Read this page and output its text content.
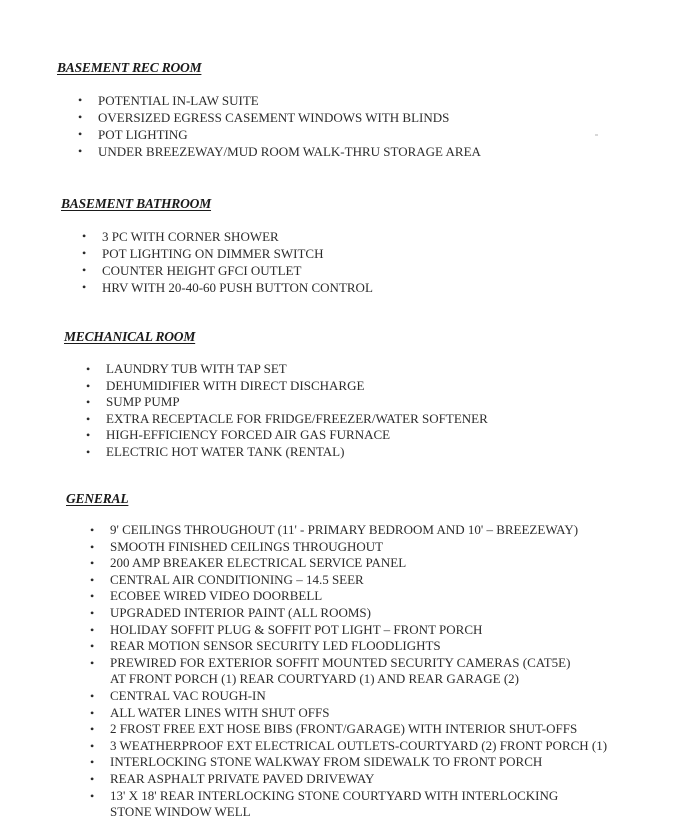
BASEMENT REC ROOM
• POTENTIAL IN-LAW SUITE
• OVERSIZED EGRESS CASEMENT WINDOWS WITH BLINDS
• POT LIGHTING
• UNDER BREEZEWAY/MUD ROOM WALK-THRU STORAGE AREA
BASEMENT BATHROOM
• 3 PC WITH CORNER SHOWER
• POT LIGHTING ON DIMMER SWITCH
• COUNTER HEIGHT GFCI OUTLET
• HRV WITH 20-40-60 PUSH BUTTON CONTROL
MECHANICAL ROOM
• LAUNDRY TUB WITH TAP SET
• DEHUMIDIFIER WITH DIRECT DISCHARGE
• SUMP PUMP
• EXTRA RECEPTACLE FOR FRIDGE/FREEZER/WATER SOFTENER
• HIGH-EFFICIENCY FORCED AIR GAS FURNACE
• ELECTRIC HOT WATER TANK (RENTAL)
GENERAL
• 9' CEILINGS THROUGHOUT (11' - PRIMARY BEDROOM AND 10' – BREEZEWAY)
• SMOOTH FINISHED CEILINGS THROUGHOUT
• 200 AMP BREAKER ELECTRICAL SERVICE PANEL
• CENTRAL AIR CONDITIONING – 14.5 SEER
• ECOBEE WIRED VIDEO DOORBELL
• UPGRADED INTERIOR PAINT (ALL ROOMS)
• HOLIDAY SOFFIT PLUG & SOFFIT POT LIGHT – FRONT PORCH
• REAR MOTION SENSOR SECURITY LED FLOODLIGHTS
• PREWIRED FOR EXTERIOR SOFFIT MOUNTED SECURITY CAMERAS (CAT5E)
AT FRONT PORCH (1) REAR COURTYARD (1) AND REAR GARAGE (2)
• CENTRAL VAC ROUGH-IN
• ALL WATER LINES WITH SHUT OFFS
• 2 FROST FREE EXT HOSE BIBS (FRONT/GARAGE) WITH INTERIOR SHUT-OFFS
• 3 WEATHERPROOF EXT ELECTRICAL OUTLETS-COURTYARD (2) FRONT PORCH (1)
• INTERLOCKING STONE WALKWAY FROM SIDEWALK TO FRONT PORCH
• REAR ASPHALT PRIVATE PAVED DRIVEWAY
• 13' X 18' REAR INTERLOCKING STONE COURTYARD WITH INTERLOCKING
STONE WINDOW WELL
